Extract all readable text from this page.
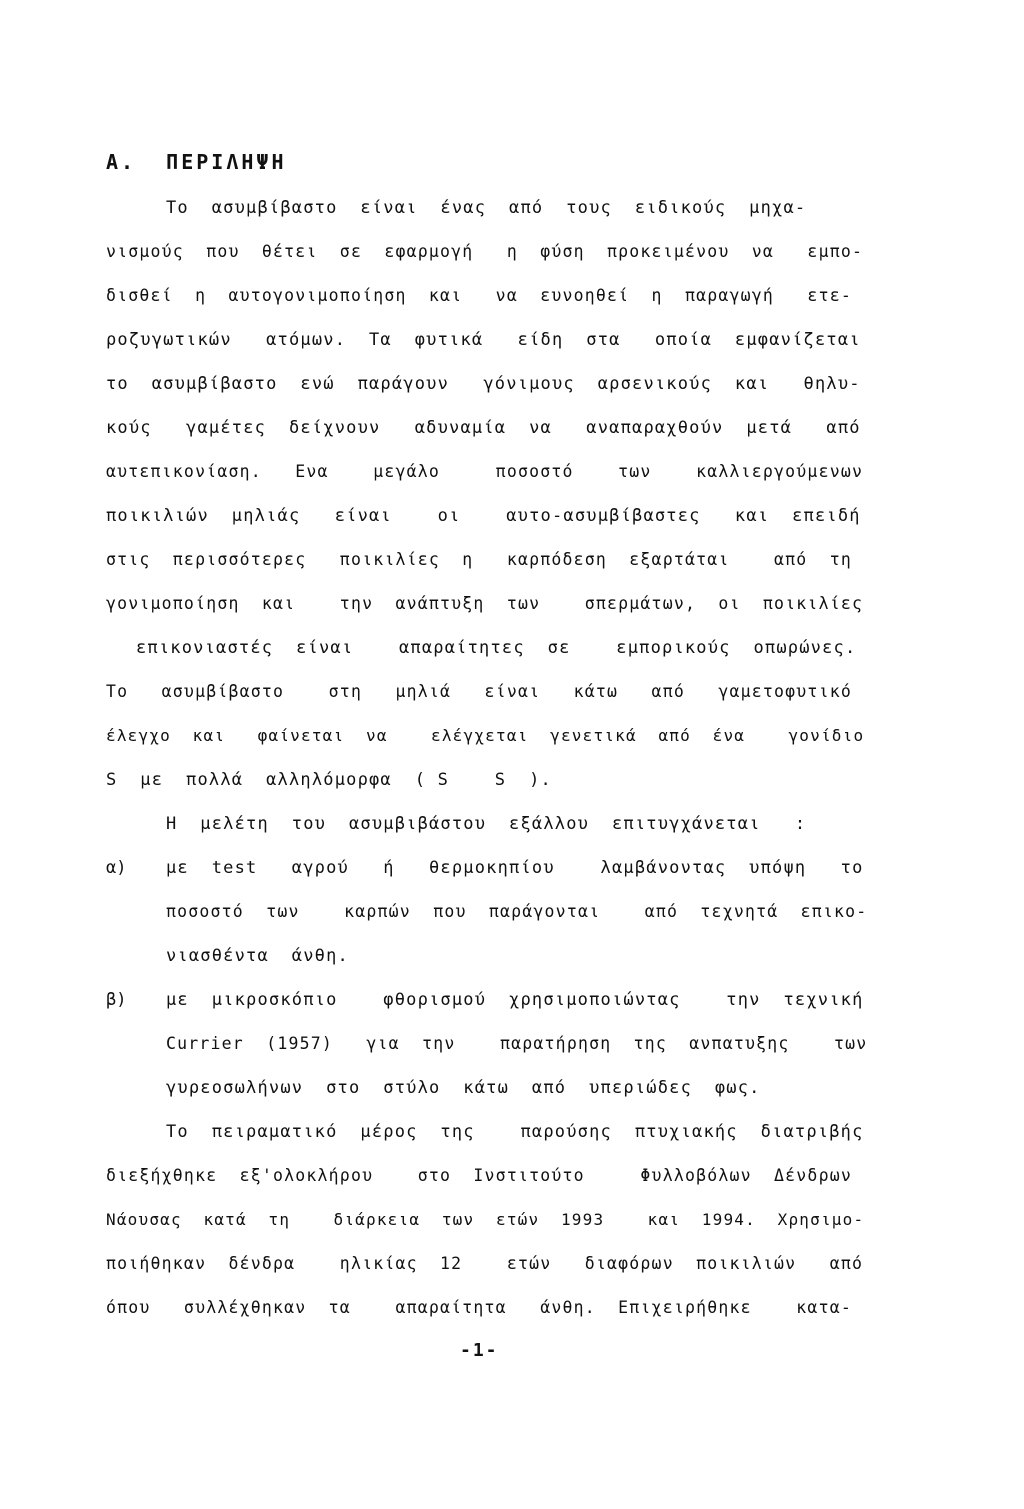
Α.  ΠΕΡΙΛΗΨΗ
Το  ασυμβίβαστο  είναι  ένας  από  τους  ειδικούς  μηχα-
νισμούς  που  θέτει  σε  εφαρμογή   η  φύση  προκειμένου  να   εμπο-
δισθεί  η  αυτογονιμοποίηση  και   να  ευνοηθεί  η  παραγωγή   ετε-
ροζυγωτικών   ατόμων.  Τα  φυτικά   είδη  στα   οποία  εμφανίζεται
το  ασυμβίβαστο  ενώ  παράγουν   γόνιμους  αρσενικούς  και   θηλυ-
κούς   γαμέτες  δείχνουν   αδυναμία  να   αναπαραχθούν  μετά   από
αυτεπικονίαση.   Ενα    μεγάλο     ποσοστό    των    καλλιεργούμενων
ποικιλιών  μηλιάς   είναι    οι    αυτο-ασυμβίβαστες   και  επειδή
στις  περισσότερες   ποικιλίες  η   καρπόδεση  εξαρτάται    από  τη
γονιμοποίηση  και    την  ανάπτυξη  των    σπερμάτων,  οι  ποικιλίες
επικονιαστές  είναι    απαραίτητες  σε    εμπορικούς  οπωρώνες.
Το   ασυμβίβαστο    στη   μηλιά   είναι   κάτω   από   γαμετοφυτικό
έλεγχο  και   φαίνεται  να    ελέγχεται  γενετικά  από  ένα    γονίδιο
S  με  πολλά  αλληλόμορφα  ( S    S  ).
Η  μελέτη  του  ασυμβιβάστου  εξάλλου  επιτυγχάνεται   :
α) με  test   αγρού   ή   θερμοκηπίου    λαμβάνοντας  υπόψη   το
ποσοστό  των    καρπών  που  παράγονται    από  τεχνητά  επικο-
νιασθέντα  άνθη.
β) με  μικροσκόπιο    φθορισμού  χρησιμοποιώντας    την  τεχνική
Currier  (1957)   για  την    παρατήρηση  της  ανπατυξης    των
γυρεοσωλήνων  στο  στύλο  κάτω  από  υπεριώδες  φως.
Το  πειραματικό  μέρος  της    παρούσης  πτυχιακής  διατριβής
διεξήχθηκε  εξ'ολοκλήρου    στο  Ινστιτούτο     Φυλλοβόλων  Δένδρων
Νάουσας  κατά  τη    διάρκεια  των  ετών  1993    και  1994.  Χρησιμο-
ποιήθηκαν  δένδρα    ηλικίας  12    ετών   διαφόρων  ποικιλιών   από
όπου   συλλέχθηκαν  τα    απαραίτητα   άνθη.  Επιχειρήθηκε    κατα-
-1-
